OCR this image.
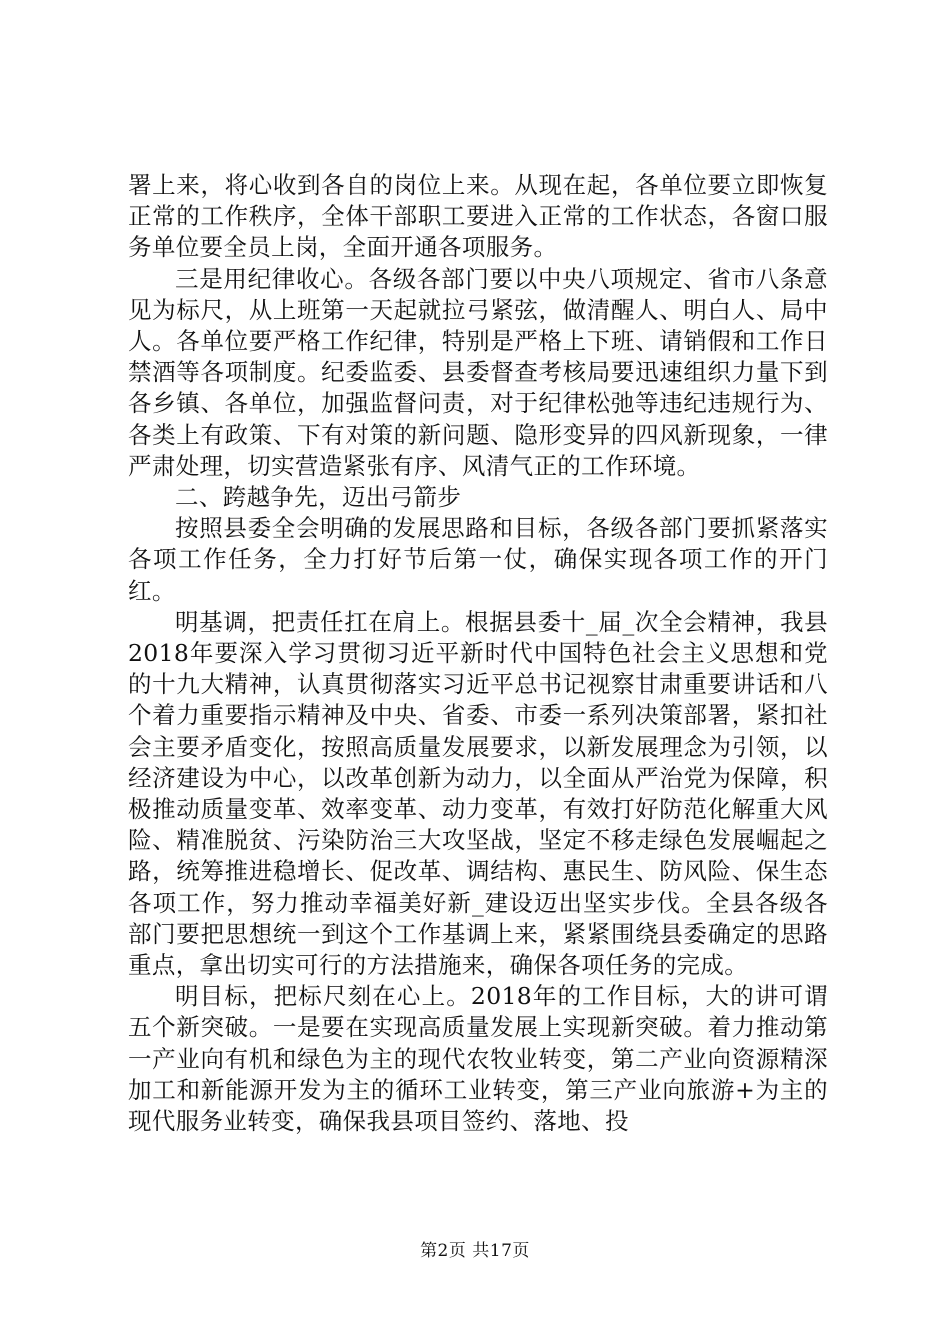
署上来，将心收到各自的岗位上来。从现在起，各单位要立即恢复正常的工作秩序，全体干部职工要进入正常的工作状态，各窗口服务单位要全员上岗，全面开通各项服务。

三是用纪律收心。各级各部门要以中央八项规定、省市八条意见为标尺，从上班第一天起就拉弓紧弦，做清醒人、明白人、局中人。各单位要严格工作纪律，特别是严格上下班、请销假和工作日禁酒等各项制度。纪委监委、县委督查考核局要迅速组织力量下到各乡镇、各单位，加强监督问责，对于纪律松弛等违纪违规行为、各类上有政策、下有对策的新问题、隐形变异的四风新现象，一律严肃处理，切实营造紧张有序、风清气正的工作环境。

二、跨越争先，迈出弓箭步

按照县委全会明确的发展思路和目标，各级各部门要抓紧落实各项工作任务，全力打好节后第一仗，确保实现各项工作的开门红。

明基调，把责任扛在肩上。根据县委十_届_次全会精神，我县2018年要深入学习贯彻习近平新时代中国特色社会主义思想和党的十九大精神，认真贯彻落实习近平总书记视察甘肃重要讲话和八个着力重要指示精神及中央、省委、市委一系列决策部署，紧扣社会主要矛盾变化，按照高质量发展要求，以新发展理念为引领，以经济建设为中心，以改革创新为动力，以全面从严治党为保障，积极推动质量变革、效率变革、动力变革，有效打好防范化解重大风险、精准脱贫、污染防治三大攻坚战，坚定不移走绿色发展崛起之路，统筹推进稳增长、促改革、调结构、惠民生、防风险、保生态各项工作，努力推动幸福美好新_建设迈出坚实步伐。全县各级各部门要把思想统一到这个工作基调上来，紧紧围绕县委确定的思路重点，拿出切实可行的方法措施来，确保各项任务的完成。

明目标，把标尺刻在心上。2018年的工作目标，大的讲可谓五个新突破。一是要在实现高质量发展上实现新突破。着力推动第一产业向有机和绿色为主的现代农牧业转变，第二产业向资源精深加工和新能源开发为主的循环工业转变，第三产业向旅游+为主的现代服务业转变，确保我县项目签约、落地、投

第2页 共17页
